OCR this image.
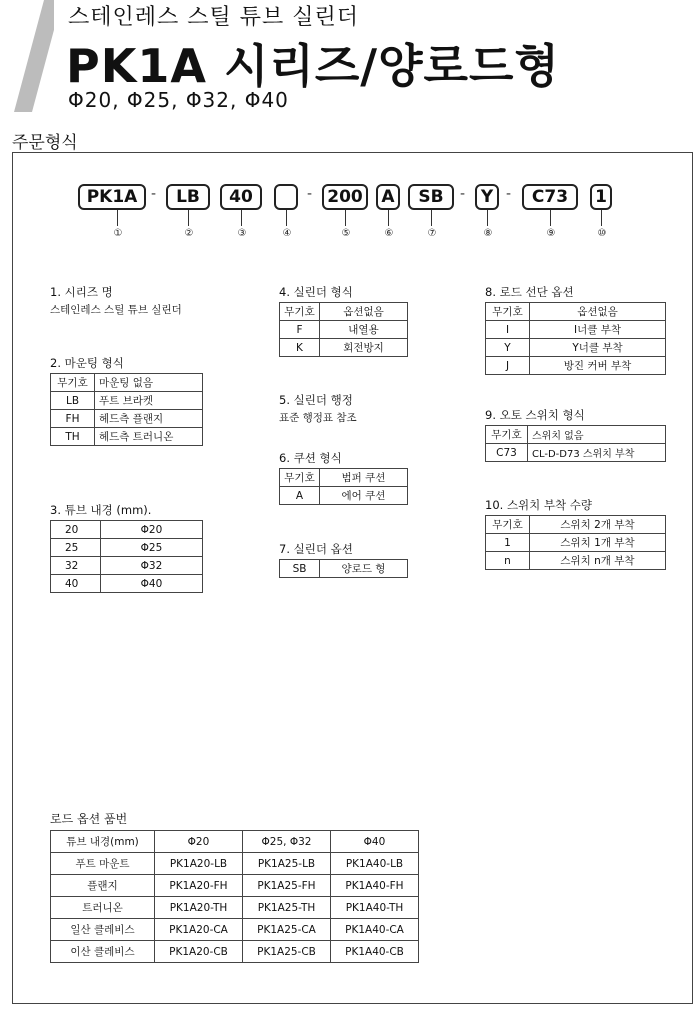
스테인레스 스틸 튜브 실린더
PK1A 시리즈/양로드형
Φ20, Φ25, Φ32, Φ40
주문형식
PK1A -	LB	40	- 200	A	SB	- Y -	C73	1
①	②	③	④	⑤	⑥	⑦	⑧	⑨	⑩
1. 시리즈 명

스테인레스 스틸 튜브 실린더

2. 마운팅 형식
무기호	마운팅 없음
LB	푸트 브라켓
FH	헤드측 플랜지
TH	헤드측 트러니온
3. 튜브 내경 (mm).
20	Φ20
25	Φ25
32	Φ32
40	Φ40
4. 실린더 형식
무기호	옵션없음
F	내열용
K	회전방지
5. 실린더 행정

표준 행정표 참조

6. 쿠션 형식
무기호	범퍼 쿠션
A	에어 쿠션
7. 실린더 옵션
SB	양로드 형
8. 로드 선단 옵션
무기호	옵션없음
I	I너클 부착
Y	Y너클 부착
J	방진 커버 부착
9. 오토 스위치 형식
무기호	스위치 없음
C73	CL-D-D73 스위치 부착
10. 스위치 부착 수량
무기호	스위치 2개 부착
1	스위치 1개 부착
n	스위치 n개 부착
로드 옵션 품번
튜브 내경(mm)	Φ20	Φ25, Φ32	Φ40
푸트 마운트	PK1A20-LB	PK1A25-LB	PK1A40-LB
플랜지	PK1A20-FH	PK1A25-FH	PK1A40-FH
트러니온	PK1A20-TH	PK1A25-TH	PK1A40-TH
일산 클레비스	PK1A20-CA	PK1A25-CA	PK1A40-CA
이산 클레비스	PK1A20-CB	PK1A25-CB	PK1A40-CB
